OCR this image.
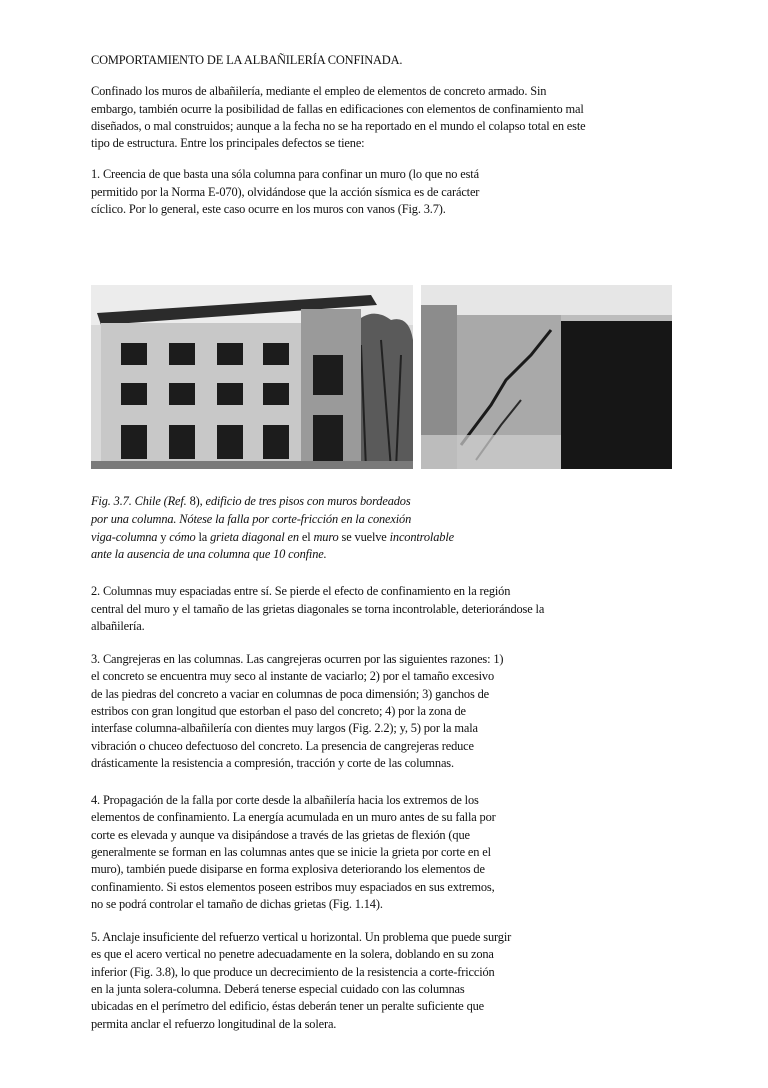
COMPORTAMIENTO DE LA ALBAÑILERÍA CONFINADA.
Confinado los muros de albañilería, mediante el empleo de elementos de concreto armado. Sin
embargo, también ocurre la posibilidad de fallas en edificaciones con elementos de confinamiento mal
diseñados, o mal construidos; aunque a la fecha no se ha reportado en el mundo el colapso total en este
tipo de estructura. Entre los principales defectos se tiene:
1. Creencia de que basta una sóla columna para confinar un muro (lo que no está
permitido por la Norma E-070), olvidándose que la acción sísmica es de carácter
cíclico. Por lo general, este caso ocurre en los muros con vanos (Fig. 3.7).
Fig. 3.7. Chile (Ref. 8), edificio de tres pisos con muros bordeados
por una columna. Nótese la falla por corte-fricción en la conexión
viga-columna y cómo la grieta diagonal en el muro se vuelve incontrolable
ante la ausencia de una columna que 10 confine.
2. Columnas muy espaciadas entre sí. Se pierde el efecto de confinamiento en la región
central del muro y el tamaño de las grietas diagonales se torna incontrolable, deteriorándose la
albañilería.
3. Cangrejeras en las columnas. Las cangrejeras ocurren por las siguientes razones: 1)
el concreto se encuentra muy seco al instante de vaciarlo; 2) por el tamaño excesivo
de las piedras del concreto a vaciar en columnas de poca dimensión; 3) ganchos de
estribos con gran longitud que estorban el paso del concreto; 4) por la zona de
interfase columna-albañilería con dientes muy largos (Fig. 2.2); y, 5) por la mala
vibración o chuceo defectuoso del concreto. La presencia de cangrejeras reduce
drásticamente la resistencia a compresión, tracción y corte de las columnas.
4. Propagación de la falla por corte desde la albañilería hacia los extremos de los
elementos de confinamiento. La energía acumulada en un muro antes de su falla por
corte es elevada y aunque va disipándose a través de las grietas de flexión (que
generalmente se forman en las columnas antes que se inicie la grieta por corte en el
muro), también puede disiparse en forma explosiva deteriorando los elementos de
confinamiento. Si estos elementos poseen estribos muy espaciados en sus extremos,
no se podrá controlar el tamaño de dichas grietas (Fig. 1.14).
5. Anclaje insuficiente del refuerzo vertical u horizontal. Un problema que puede surgir
es que el acero vertical no penetre adecuadamente en la solera, doblando en su zona
inferior (Fig. 3.8), lo que produce un decrecimiento de la resistencia a corte-fricción
en la junta solera-columna. Deberá tenerse especial cuidado con las columnas
ubicadas en el perímetro del edificio, éstas deberán tener un peralte suficiente que
permita anclar el refuerzo longitudinal de la solera.
